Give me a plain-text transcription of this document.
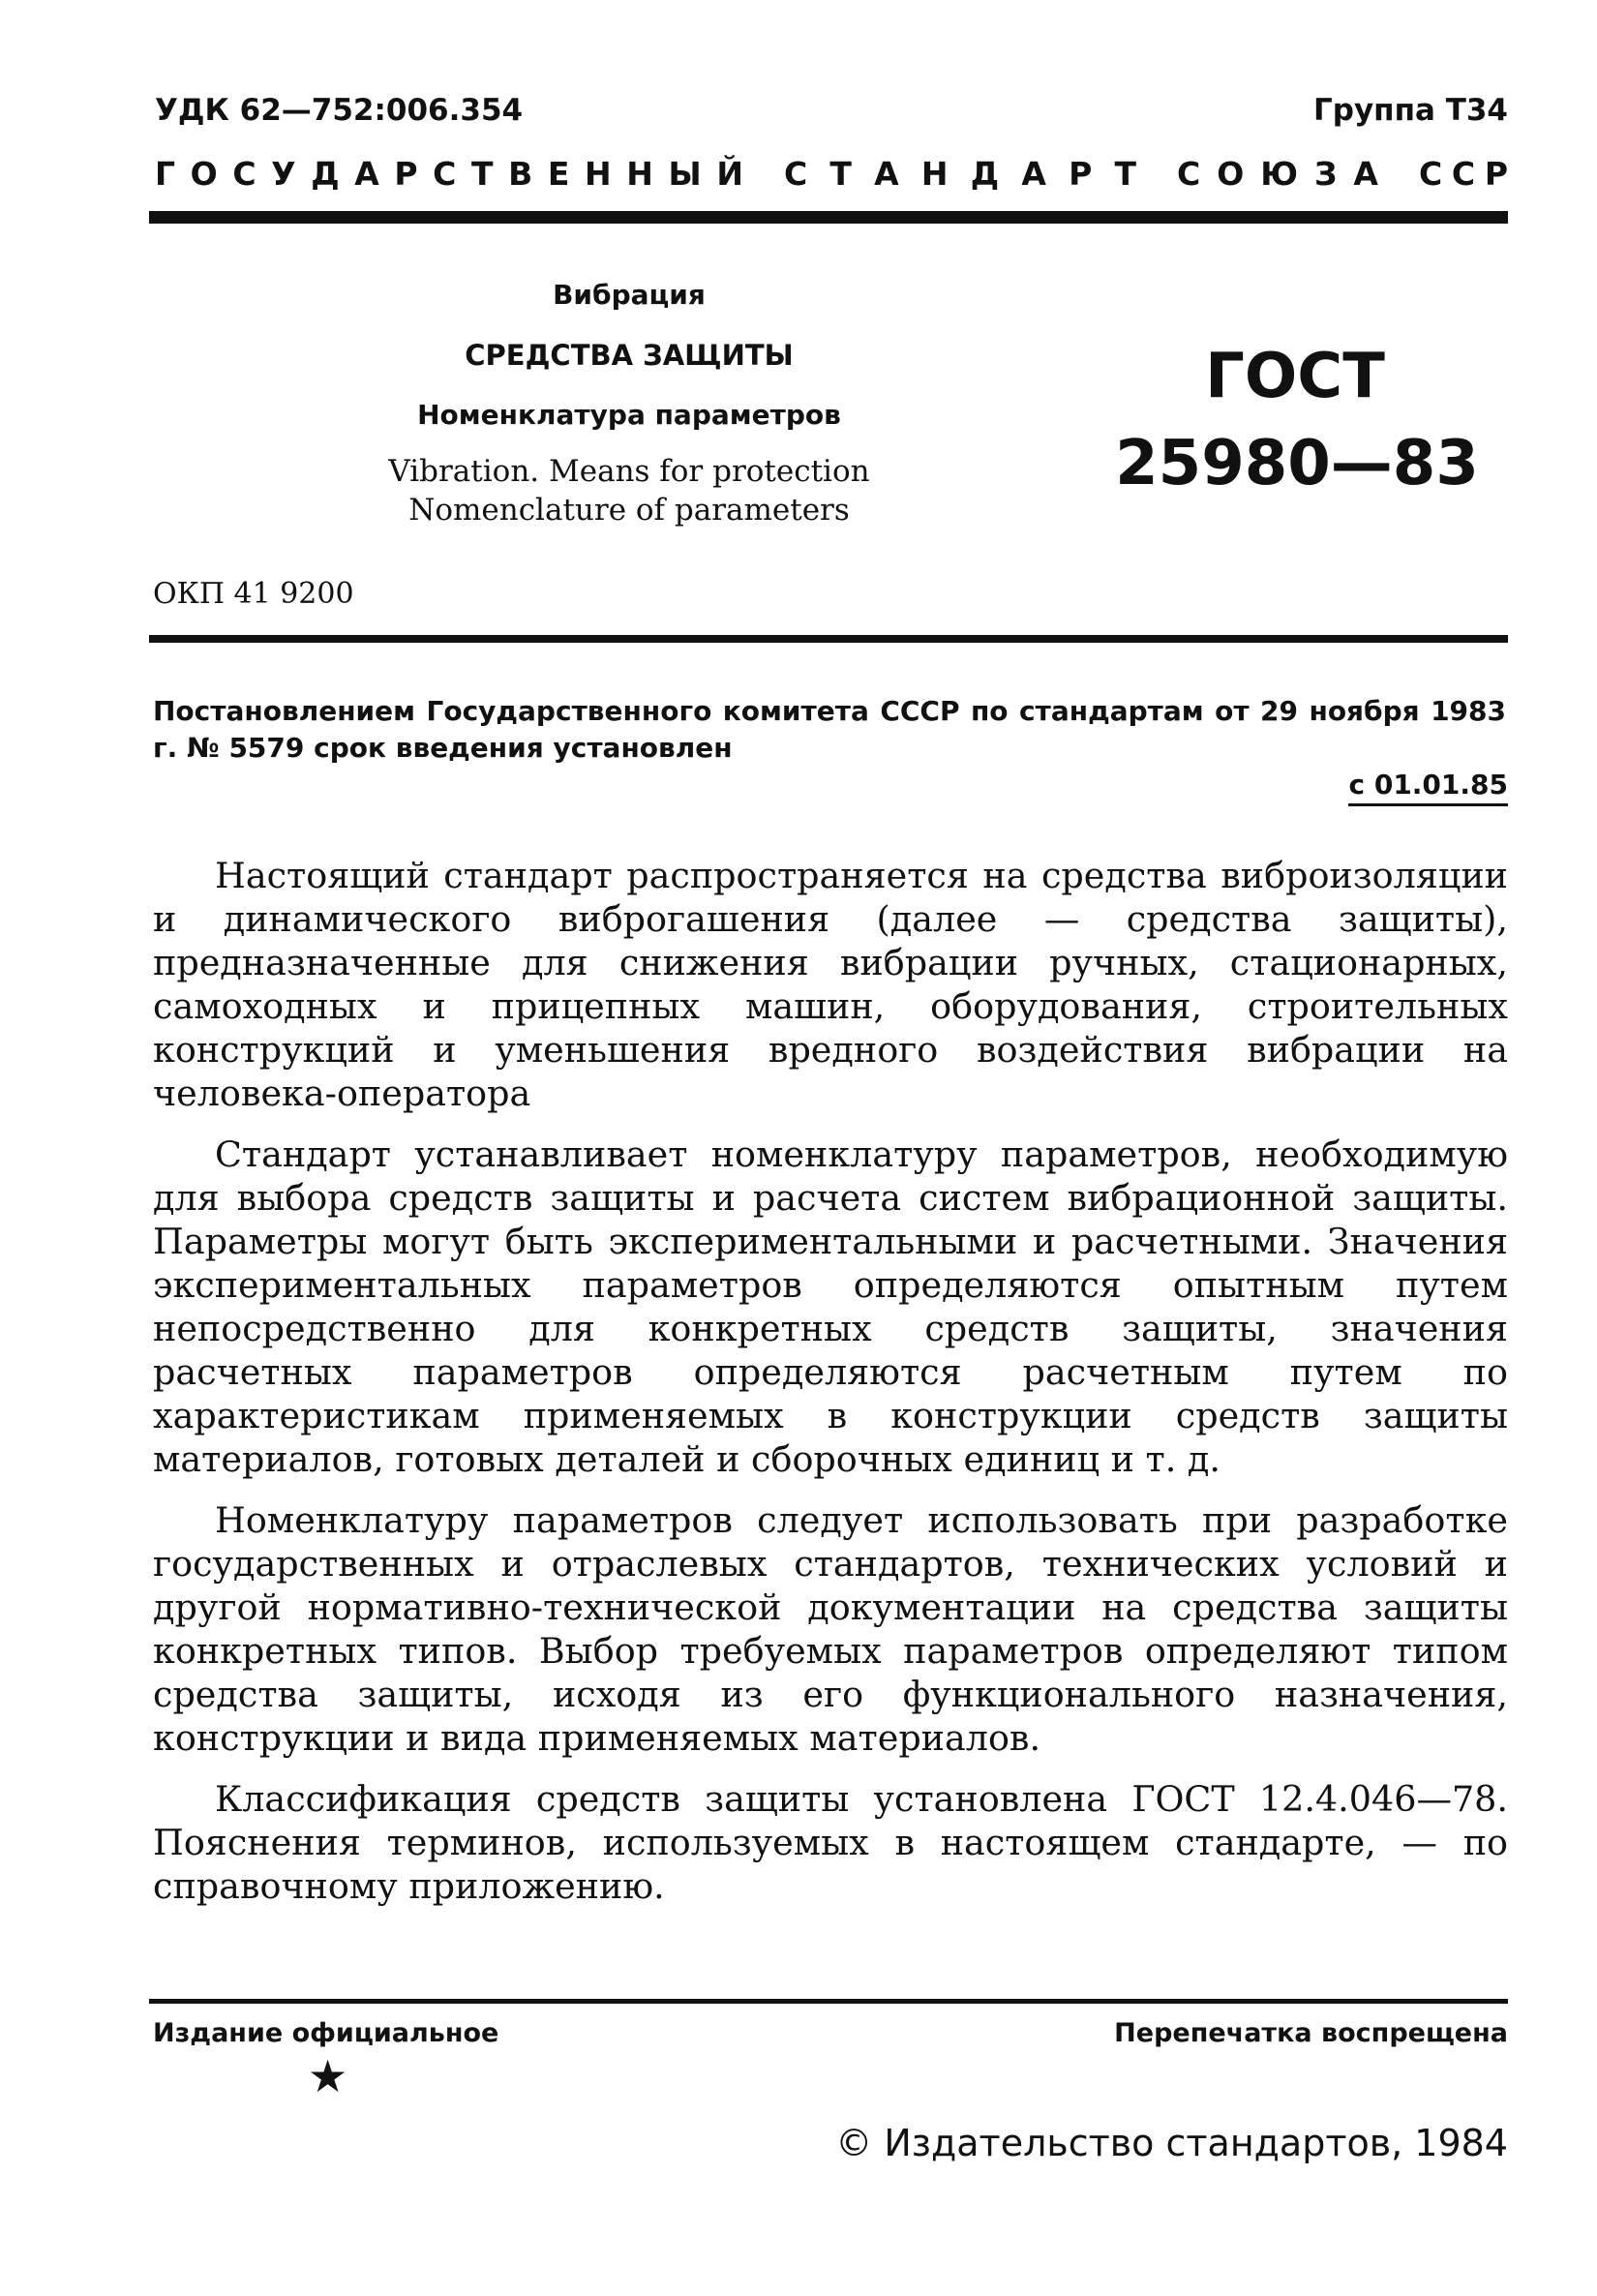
УДК 62—752:006.354	Группа Т34
Г О С У Д А Р С Т В Е Н Н Ы Й С Т А Н Д А Р Т С О Ю З А С С Р
Вибрация
СРЕДСТВА ЗАЩИТЫ
Номенклатура параметров
Vibration. Means for protection
Nomenclature of parameters
ГОСТ
25980—83
ОКП 41 9200
Постановлением Государственного комитета СССР по стандартам от 29 ноября 1983 г. № 5579 срок введения установлен
с 01.01.85

Настоящий стандарт распространяется на средства виброизоляции и динамического виброгашения (далее — средства защиты), предназначенные для снижения вибрации ручных, стационарных, самоходных и прицепных машин, оборудования, строительных конструкций и уменьшения вредного воздействия вибрации на человека-оператора

Стандарт устанавливает номенклатуру параметров, необходимую для выбора средств защиты и расчета систем вибрационной защиты. Параметры могут быть экспериментальными и расчетными. Значения экспериментальных параметров определяются опытным путем непосредственно для конкретных средств защиты, значения расчетных параметров определяются расчетным путем по характеристикам применяемых в конструкции средств защиты материалов, готовых деталей и сборочных единиц и т. д.

Номенклатуру параметров следует использовать при разработке государственных и отраслевых стандартов, технических условий и другой нормативно-технической документации на средства защиты конкретных типов. Выбор требуемых параметров определяют типом средства защиты, исходя из его функционального назначения, конструкции и вида применяемых материалов.

Классификация средств защиты установлена ГОСТ 12.4.046—78. Пояснения терминов, используемых в настоящем стандарте, — по справочному приложению.

Издание официальное	Перепечатка воспрещена
★
© Издательство стандартов, 1984
